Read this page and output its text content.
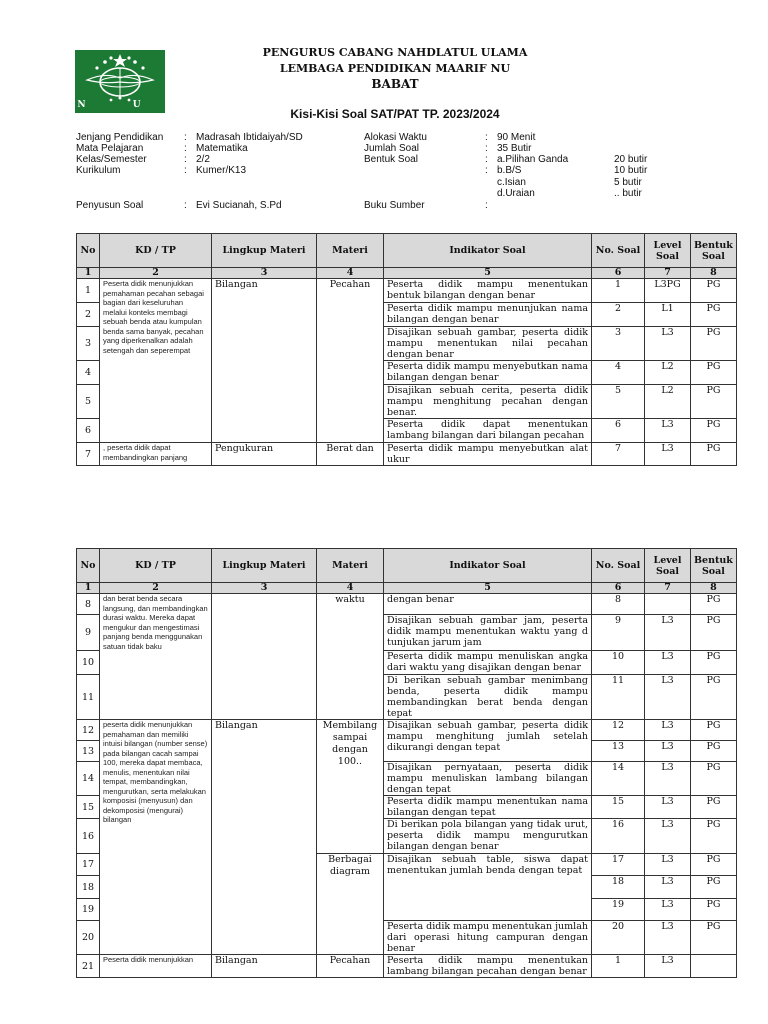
N U
PENGURUS CABANG NAHDLATUL ULAMA
LEMBAGA PENDIDIKAN MAARIF NU
BABAT
Kisi-Kisi Soal SAT/PAT TP. 2023/2024
Jenjang Pendidikan : Madrasah Ibtidaiyah/SD
Mata Pelajaran	: Matematika
Kelas/Semester	: 2/2
Kurikulum	: Kumer/K13
Penyusun Soal	: Evi Sucianah, S.Pd
Alokasi Waktu	: 90 Menit
Jumlah Soal	: 35 Butir
Bentuk Soal	: a.Pilihan Ganda	20 butir
: b.B/S	10 butir
c.Isian	5 butir
d.Uraian	.. butir
Buku Sumber	:
No	KD / TP	Lingkup Materi	Materi	Indikator Soal	No. Soal	Level Soal	Bentuk Soal
1	2	3	4	5	6	7	8
1	Peserta didik menunjukkan pemahaman pecahan sebagai bagian dari keseluruhan melalui konteks membagi sebuah benda atau kumpulan benda sama banyak, pecahan yang diperkenalkan adalah setengah dan seperempat	Bilangan	Pecahan	Peserta didik mampu menentukan bentuk bilangan dengan benar	1	L3PG	PG
2				Peserta didik mampu menunjukan nama bilangan dengan benar	2	L1	PG
3				Disajikan sebuah gambar, peserta didik mampu menentukan nilai pecahan dengan benar	3	L3	PG
4				Peserta didik mampu menyebutkan nama bilangan dengan benar	4	L2	PG
5				Disajikan sebuah cerita, peserta didik mampu menghitung pecahan dengan benar.	5	L2	PG
6				Peserta didik dapat menentukan lambang bilangan dari bilangan pecahan	6	L3	PG
7	, peserta didik dapat membandingkan panjang	Pengukuran	Berat dan	Peserta didik mampu menyebutkan alat ukur	7	L3	PG
No	KD / TP	Lingkup Materi	Materi	Indikator Soal	No. Soal	Level Soal	Bentuk Soal
1	2	3	4	5	6	7	8
8	dan berat benda secara langsung, dan membandingkan durasi waktu. Mereka dapat mengukur dan mengestimasi panjang benda menggunakan satuan tidak baku		waktu	dengan benar	8		PG
9				Disajikan sebuah gambar jam, peserta didik mampu menentukan waktu yang d tunjukan jarum jam	9	L3	PG
10				Peserta didik mampu menuliskan angka dari waktu yang disajikan dengan benar	10	L3	PG
11				Di berikan sebuah gambar menimbang benda, peserta didik mampu membandingkan berat benda dengan tepat	11	L3	PG
12	peserta didik menunjukkan pemahaman dan memiliki intuisi bilangan (number sense) pada bilangan cacah sampai 100, mereka dapat membaca, menulis, menentukan nilai tempat, membandingkan, mengurutkan, serta melakukan komposisi (menyusun) dan dekomposisi (mengurai) bilangan	Bilangan	Membilang sampai dengan 100..	Disajikan sebuah gambar, peserta didik mampu menghitung jumlah setelah dikurangi dengan tepat	12	L3	PG
13					13	L3	PG
14				Disajikan pernyataan, peserta didik mampu menuliskan lambang bilangan dengan tepat	14	L3	PG
15				Peserta didik mampu menentukan nama bilangan dengan tepat	15	L3	PG
16				Di berikan pola bilangan yang tidak urut, peserta didik mampu mengurutkan bilangan dengan benar	16	L3	PG
17			Berbagai diagram	Disajikan sebuah table, siswa dapat menentukan jumlah benda dengan tepat	17	L3	PG
18					18	L3	PG
19					19	L3	PG
20				Peserta didik mampu menentukan jumlah dari operasi hitung campuran dengan benar	20	L3	PG
21	Peserta didik menunjukkan	Bilangan	Pecahan	Peserta didik mampu menentukan lambang bilangan pecahan dengan benar	1	L3	
